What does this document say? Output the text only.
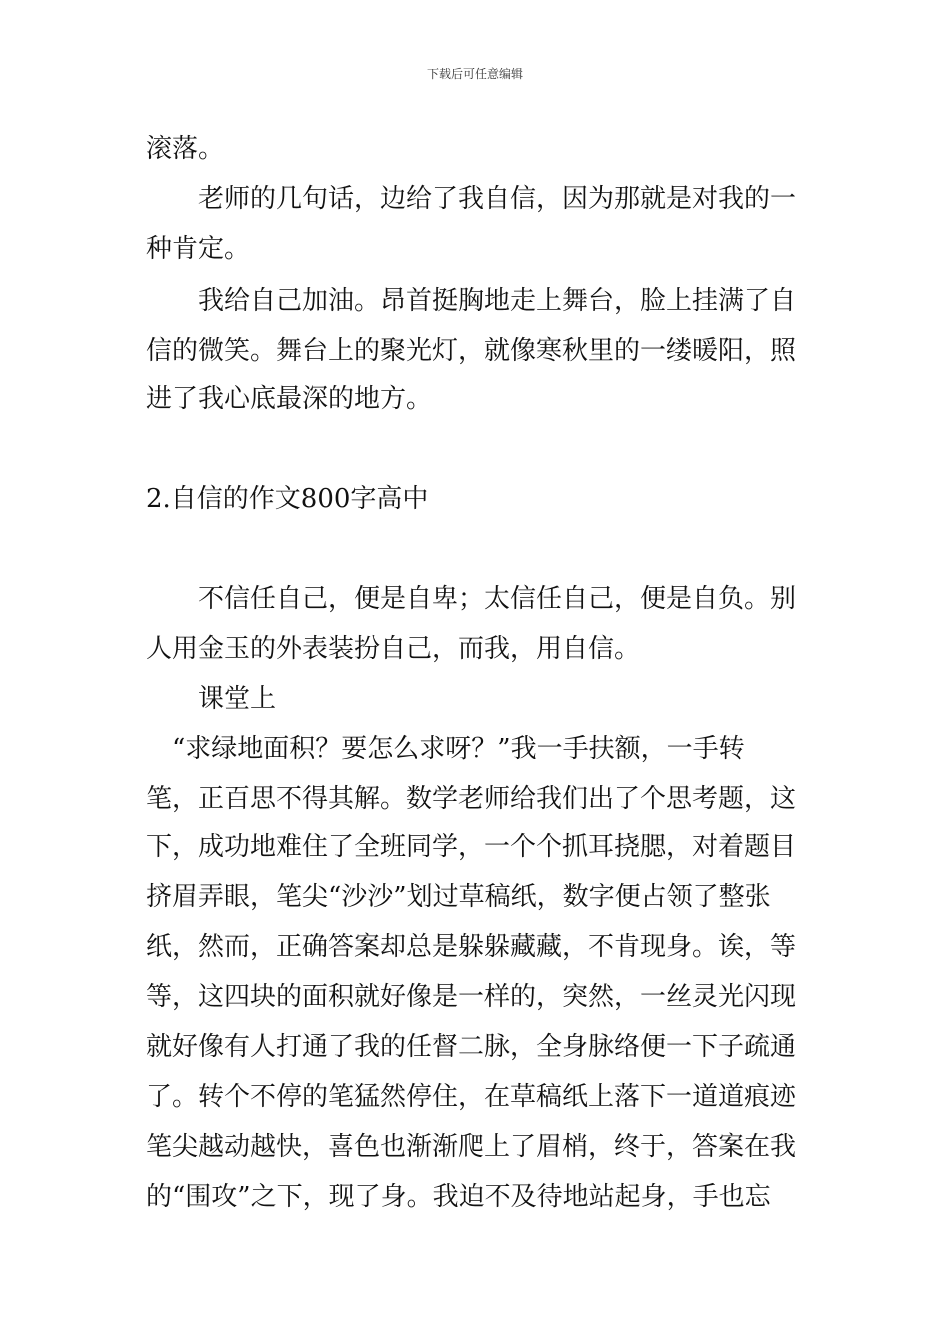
下载后可任意编辑
滚落。
老师的几句话，边给了我自信，因为那就是对我的一
种肯定。
我给自己加油。昂首挺胸地走上舞台，脸上挂满了自
信的微笑。舞台上的聚光灯，就像寒秋里的一缕暖阳，照
进了我心底最深的地方。
2.自信的作文800字高中
不信任自己，便是自卑；太信任自己，便是自负。别
人用金玉的外表装扮自己，而我，用自信。
课堂上
“求绿地面积？要怎么求呀？”我一手扶额，一手转
笔，正百思不得其解。数学老师给我们出了个思考题，这
下，成功地难住了全班同学，一个个抓耳挠腮，对着题目
挤眉弄眼，笔尖“沙沙”划过草稿纸，数字便占领了整张
纸，然而，正确答案却总是躲躲藏藏，不肯现身。诶，等
等，这四块的面积就好像是一样的，突然，一丝灵光闪现
就好像有人打通了我的任督二脉，全身脉络便一下子疏通
了。转个不停的笔猛然停住，在草稿纸上落下一道道痕迹
笔尖越动越快，喜色也渐渐爬上了眉梢，终于，答案在我
的“围攻”之下，现了身。我迫不及待地站起身，手也忘
